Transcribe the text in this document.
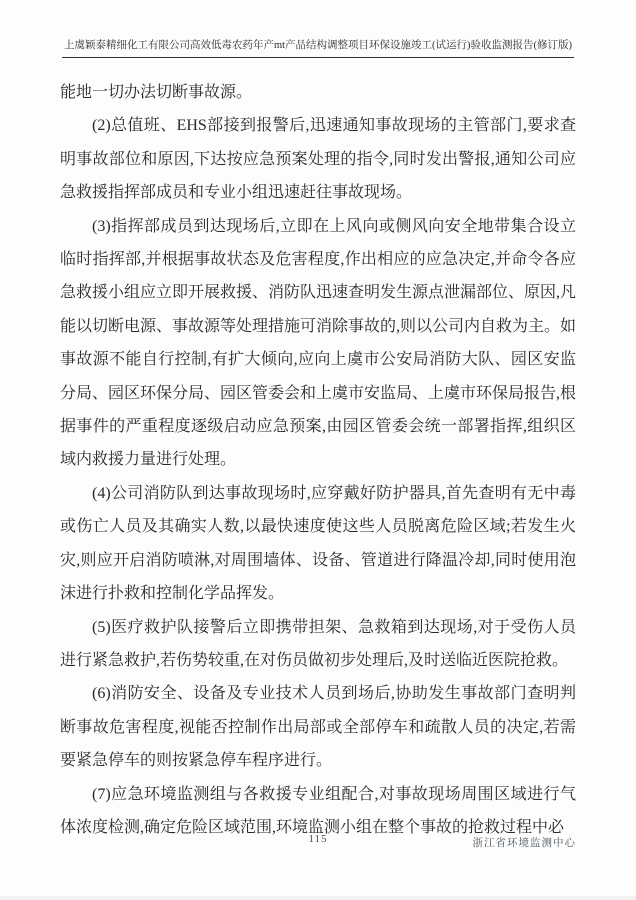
上虞颖泰精细化工有限公司高效低毒农药年产mt产品结构调整项目环保设施竣工(试运行)验收监测报告(修订版)

能地一切办法切断事故源。

(2)总值班、EHS部接到报警后,迅速通知事故现场的主管部门,要求查明事故部位和原因,下达按应急预案处理的指令,同时发出警报,通知公司应急救援指挥部成员和专业小组迅速赶往事故现场。

(3)指挥部成员到达现场后,立即在上风向或侧风向安全地带集合设立临时指挥部,并根据事故状态及危害程度,作出相应的应急决定,并命令各应急救援小组应立即开展救援、消防队迅速查明发生源点泄漏部位、原因,凡能以切断电源、事故源等处理措施可消除事故的,则以公司内自救为主。如事故源不能自行控制,有扩大倾向,应向上虞市公安局消防大队、园区安监分局、园区环保分局、园区管委会和上虞市安监局、上虞市环保局报告,根据事件的严重程度逐级启动应急预案,由园区管委会统一部署指挥,组织区域内救援力量进行处理。

(4)公司消防队到达事故现场时,应穿戴好防护器具,首先查明有无中毒或伤亡人员及其确实人数,以最快速度使这些人员脱离危险区域;若发生火灾,则应开启消防喷淋,对周围墙体、设备、管道进行降温冷却,同时使用泡沫进行扑救和控制化学品挥发。

(5)医疗救护队接警后立即携带担架、急救箱到达现场,对于受伤人员进行紧急救护,若伤势较重,在对伤员做初步处理后,及时送临近医院抢救。

(6)消防安全、设备及专业技术人员到场后,协助发生事故部门查明判断事故危害程度,视能否控制作出局部或全部停车和疏散人员的决定,若需要紧急停车的则按紧急停车程序进行。

(7)应急环境监测组与各救援专业组配合,对事故现场周围区域进行气体浓度检测,确定危险区域范围,环境监测小组在整个事故的抢救过程中必

115	浙江省环境监测中心
